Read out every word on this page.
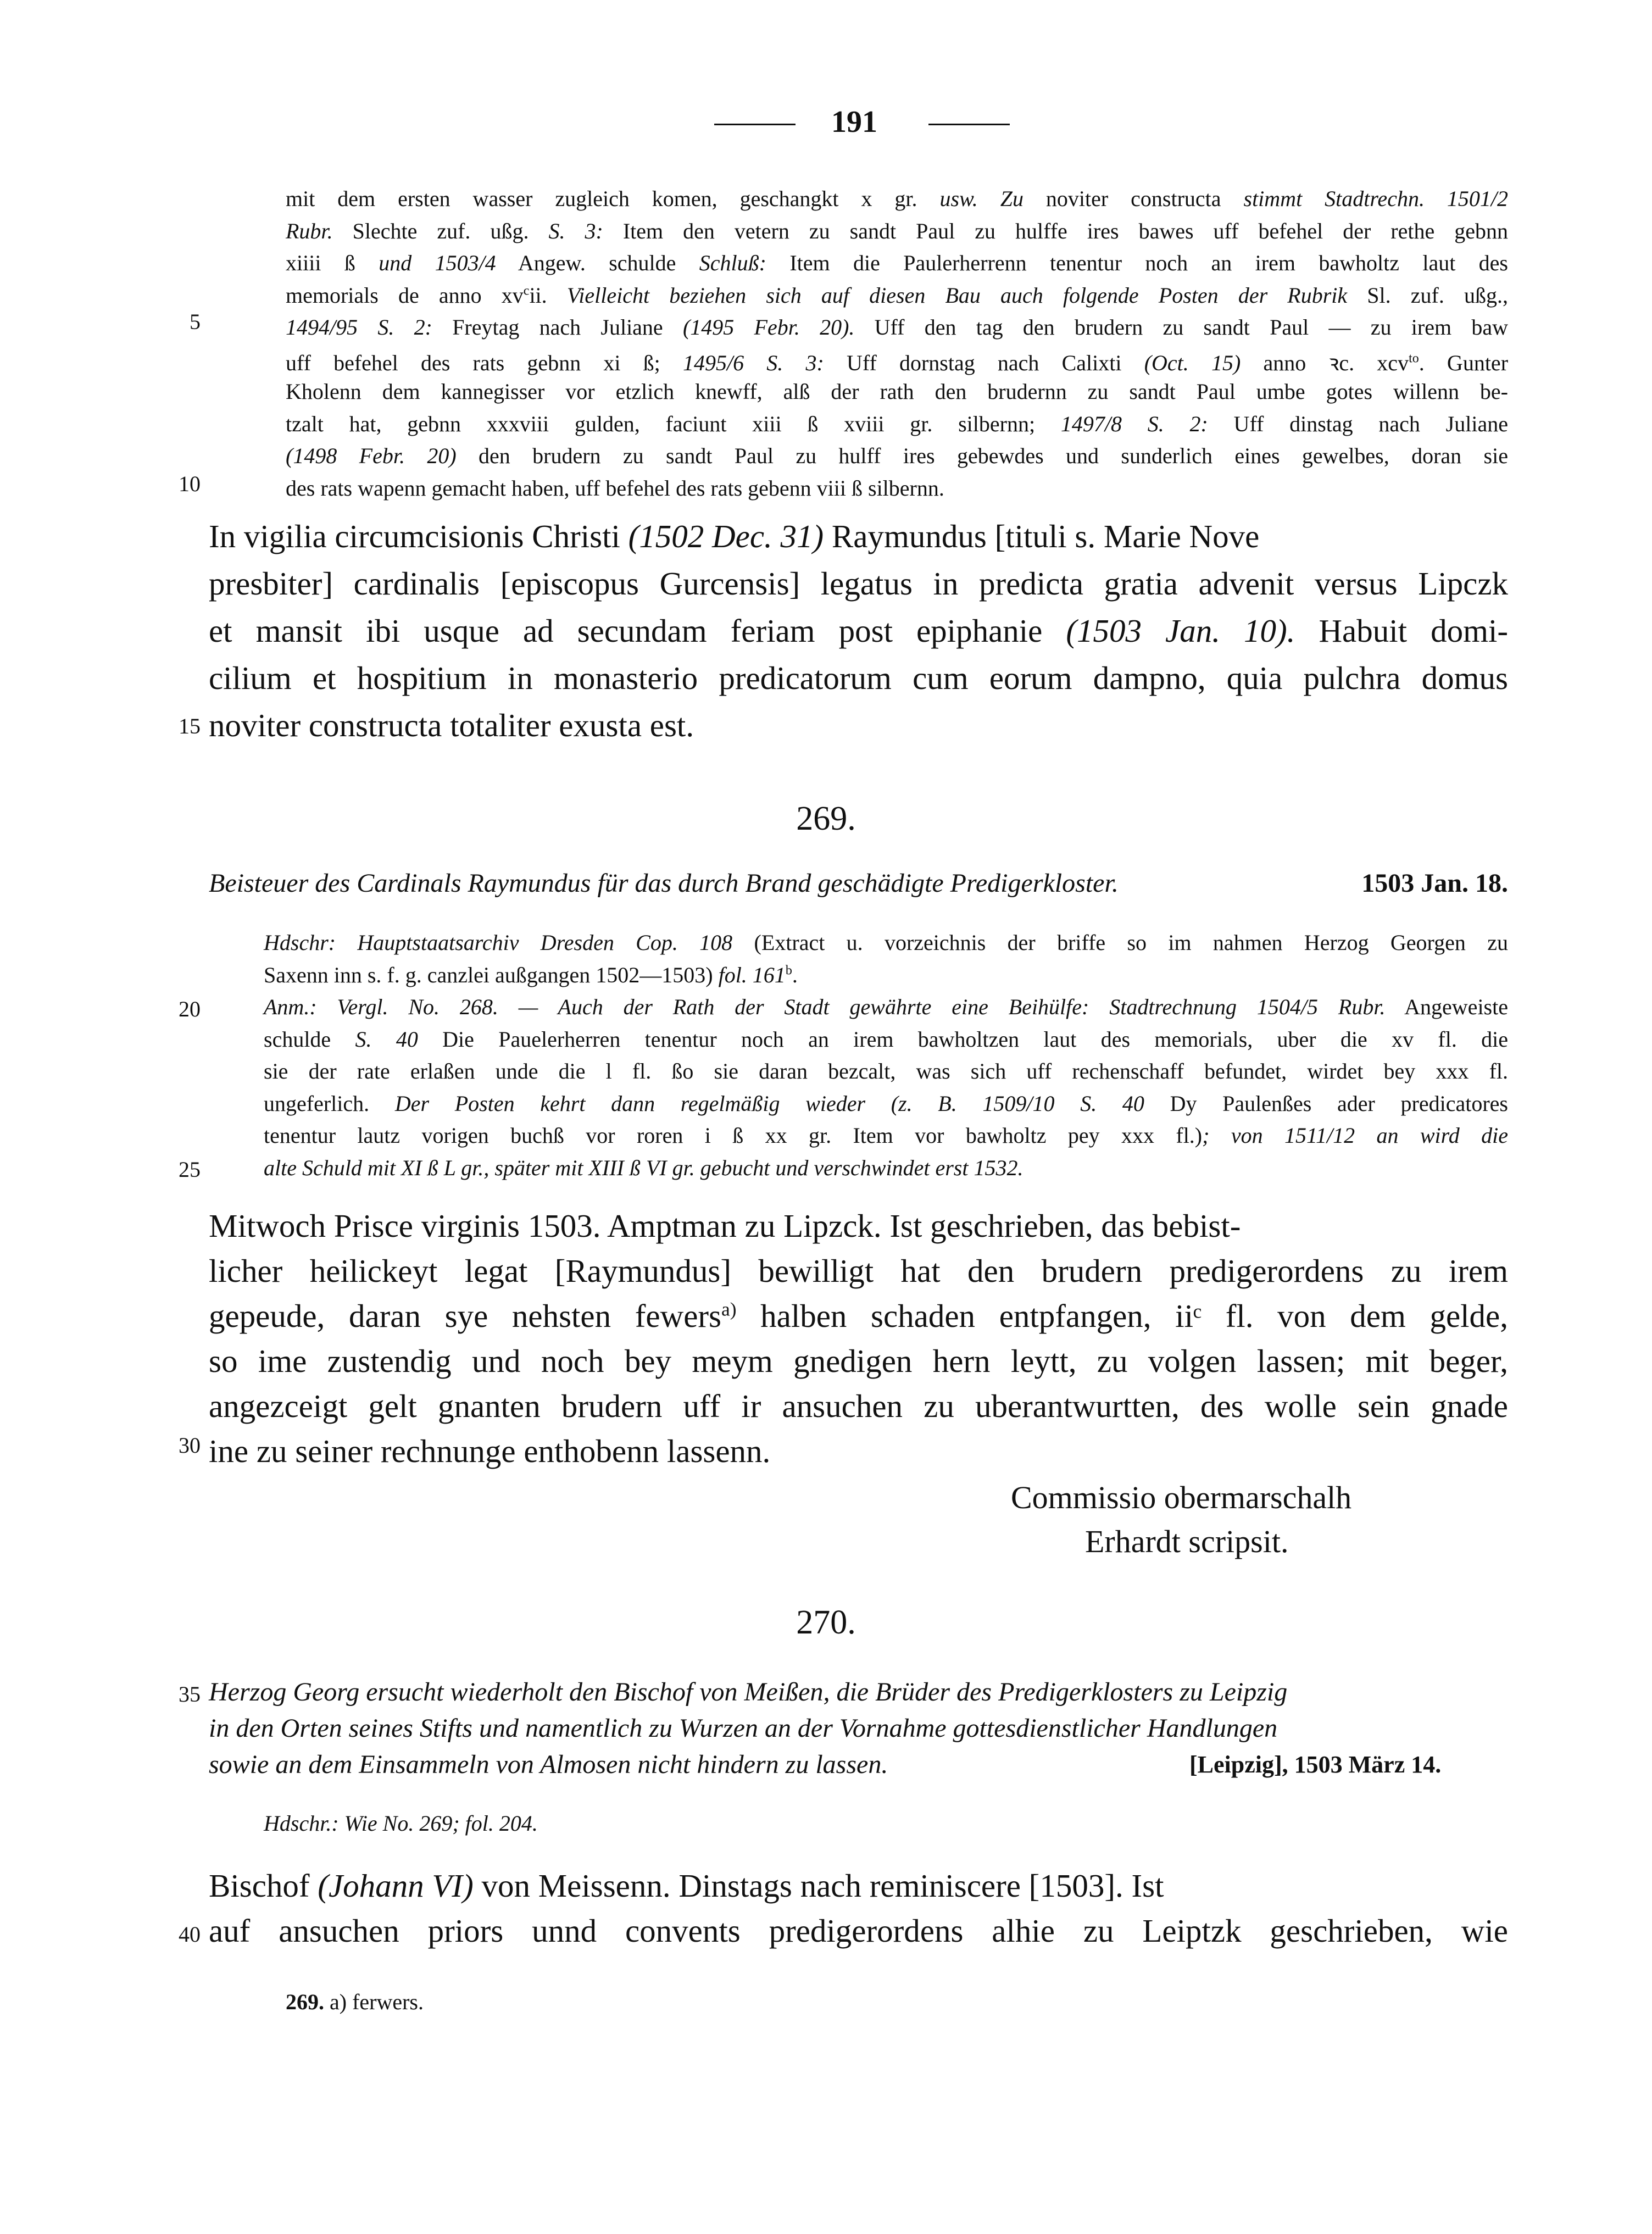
191
5
10
15
20
25
30
35
40
mit dem ersten wasser zugleich komen, geschangkt x gr. usw. Zu noviter constructa stimmt Stadtrechn. 1501/2
Rubr. Slechte zuf. ußg. S. 3: Item den vetern zu sandt Paul zu hulffe ires bawes uff befehel der rethe gebnn
xiiii ß und 1503/4 Angew. schulde Schluß: Item die Paulerherrenn tenentur noch an irem bawholtz laut des
memorials de anno $xv^cii$. Vielleicht beziehen sich auf diesen Bau auch folgende Posten der Rubrik Sl. zuf. ußg.,
1494/95 S. 2: Freytag nach Juliane (1495 Febr. 20). Uff den tag den brudern zu sandt Paul — zu irem baw
uff befehel des rats gebnn xi ß; 1495/6 S. 3: Uff dornstag nach Calixti (Oct. 15) anno ꝛc. xcv$^{to}$. Gunter
Kholenn dem kannegisser vor etzlich knewff, alß der rath den brudernn zu sandt Paul umbe gotes willenn be-
tzalt hat, gebnn xxxviii gulden, faciunt xiii ß xviii gr. silbernn; 1497/8 S. 2: Uff dinstag nach Juliane
(1498 Febr. 20) den brudern zu sandt Paul zu hulff ires gebewdes und sunderlich eines gewelbes, doran sie
des rats wapenn gemacht haben, uff befehel des rats gebenn viii ß silbernn.
In vigilia circumcisionis Christi (1502 Dec. 31) Raymundus [tituli s. Marie Nove
presbiter] cardinalis [episcopus Gurcensis] legatus in predicta gratia advenit versus Lipczk
et mansit ibi usque ad secundam feriam post epiphanie (1503 Jan. 10). Habuit domi-
cilium et hospitium in monasterio predicatorum cum eorum dampno, quia pulchra domus
noviter constructa totaliter exusta est.
269.
Beisteuer des Cardinals Raymundus für das durch Brand geschädigte Predigerkloster.	1503 Jan. 18.
Hdschr: Hauptstaatsarchiv Dresden Cop. 108 (Extract u. vorzeichnis der briffe so im nahmen Herzog Georgen zu
Saxenn inn s. f. g. canzlei außgangen 1502—1503) fol. 161$^b$.
Anm.: Vergl. No. 268. — Auch der Rath der Stadt gewährte eine Beihülfe: Stadtrechnung 1504/5 Rubr. Angeweiste
schulde S. 40 Die Pauelerherren tenentur noch an irem bawholtzen laut des memorials, uber die xv fl. die
sie der rate erlaßen unde die l fl. ßo sie daran bezcalt, was sich uff rechenschaff befundet, wirdet bey xxx fl.
ungeferlich. Der Posten kehrt dann regelmäßig wieder (z. B. 1509/10 S. 40 Dy Paulenßes ader predicatores
tenentur lautz vorigen buchß vor roren i ß xx gr. Item vor bawholtz pey xxx fl.); von 1511/12 an wird die
alte Schuld mit XI ß L gr., später mit XIII ß VI gr. gebucht und verschwindet erst 1532.
Mitwoch Prisce virginis 1503. Amptman zu Lipzck. Ist geschrieben, das bebist-
licher heilickeyt legat [Raymundus] bewilligt hat den brudern predigerordens zu irem
gepeude, daran sye nehsten fewers$^{a)}$ halben schaden entpfangen, iiᶜ fl. von dem gelde,
so ime zustendig und noch bey meym gnedigen hern leytt, zu volgen lassen; mit beger,
angezceigt gelt gnanten brudern uff ir ansuchen zu uberantwurtten, des wolle sein gnade
ine zu seiner rechnunge enthobenn lassenn.
Commissio obermarschalh
Erhardt scripsit.
270.
Herzog Georg ersucht wiederholt den Bischof von Meißen, die Brüder des Predigerklosters zu Leipzig
in den Orten seines Stifts und namentlich zu Wurzen an der Vornahme gottesdienstlicher Handlungen
sowie an dem Einsammeln von Almosen nicht hindern zu lassen.	[Leipzig], 1503 März 14.
Hdschr.: Wie No. 269; fol. 204.
Bischof (Johann VI) von Meissenn. Dinstags nach reminiscere [1503]. Ist
auf ansuchen priors unnd convents predigerordens alhie zu Leiptzk geschrieben, wie
269. a) ferwers.
